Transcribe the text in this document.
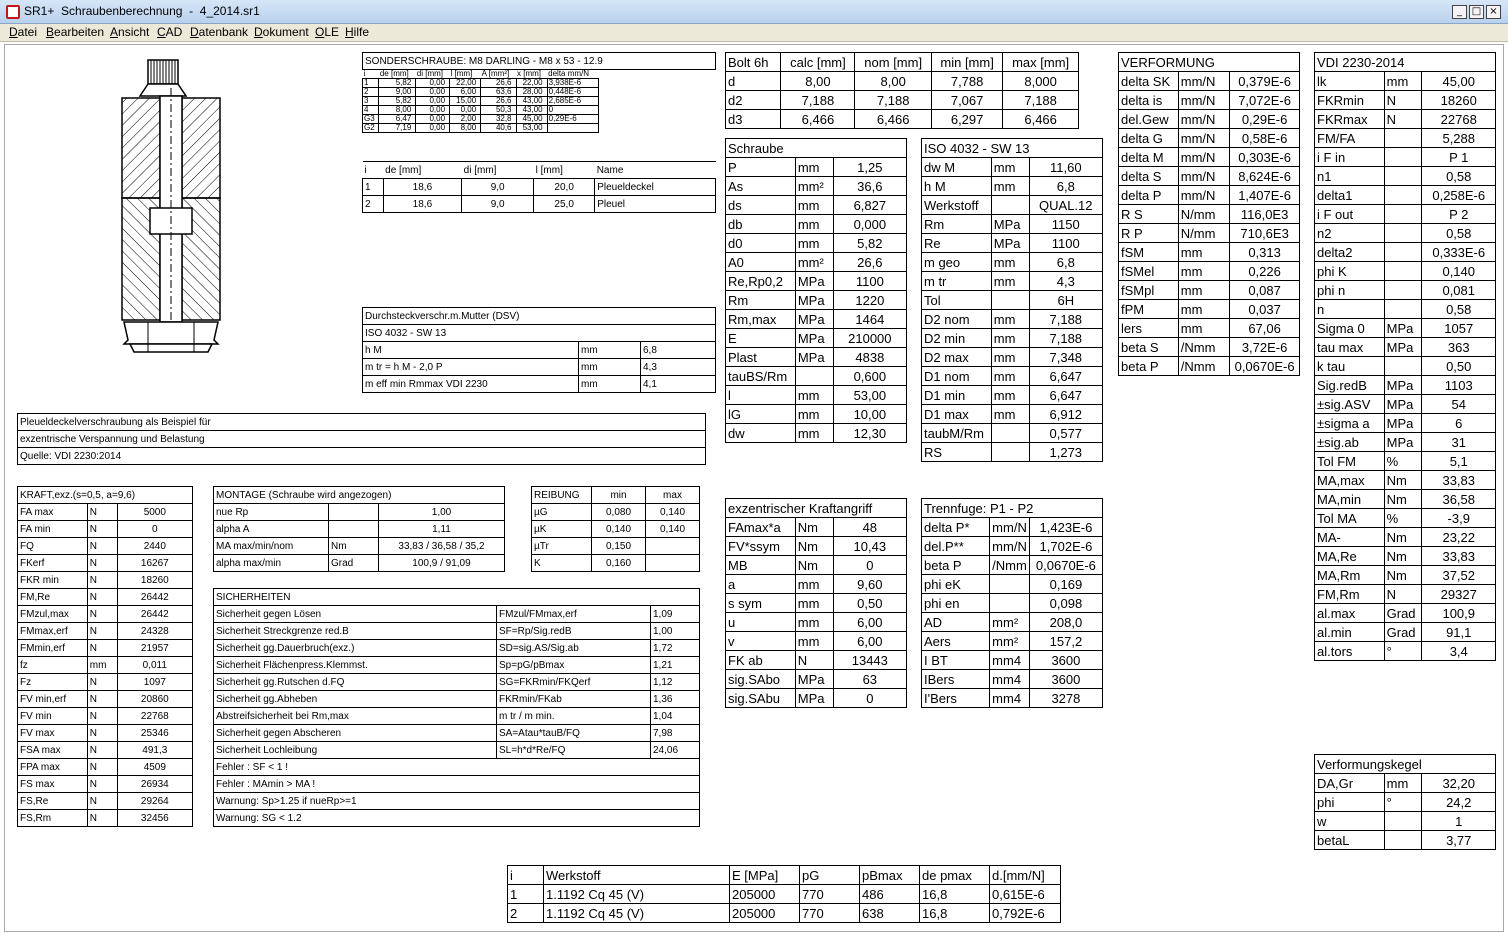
SR1+  Schraubenberechnung  -  4_2014.sr1	_ □ ×
Datei Bearbeiten Ansicht CAD Datenbank Dokument OLE Hilfe
SONDERSCHRAUBE: M8 DARLING - M8 x 53 - 12.9
i	de [mm]	di [mm]	l [mm]	A [mm²]	x [mm]	delta mm/N
1	5,82	0,00	22,00	26,6	22,00	3,938E-6
2	9,00	0,00	6,00	63,6	28,00	0,448E-6
3	5,82	0,00	15,00	26,6	43,00	2,685E-6
4	8,00	0,00	0,00	50,3	43,00	0
G3	6,47	0,00	2,00	32,8	45,00	0,29E-6
G2	7,19	0,00	8,00	40,6	53,00	
i	de [mm]	di [mm]	l [mm]	Name
1	18,6	9,0	20,0	Pleueldeckel
2	18,6	9,0	25,0	Pleuel
Durchsteckverschr.m.Mutter (DSV)		
ISO 4032 - SW 13		
h M	mm	6,8
m tr = h M - 2,0 P	mm	4,3
m eff min Rmmax VDI 2230	mm	4,1
Pleueldeckelverschraubung als Beispiel für
exzentrische Verspannung und Belastung
Quelle: VDI 2230:2014
Bolt 6h	calc [mm]	nom [mm]	min [mm]	max [mm]
d	8,00	8,00	7,788	8,000
d2	7,188	7,188	7,067	7,188
d3	6,466	6,466	6,297	6,466
Schraube		
P	mm	1,25
As	mm²	36,6
ds	mm	6,827
db	mm	0,000
d0	mm	5,82
A0	mm²	26,6
Re,Rp0,2	MPa	1100
Rm	MPa	1220
Rm,max	MPa	1464
E	MPa	210000
Plast	MPa	4838
tauBS/Rm		0,600
l	mm	53,00
lG	mm	10,00
dw	mm	12,30
ISO 4032 - SW 13		
dw M	mm	11,60
h M	mm	6,8
Werkstoff		QUAL.12
Rm	MPa	1150
Re	MPa	1100
m geo	mm	6,8
m tr	mm	4,3
Tol		6H
D2 nom	mm	7,188
D2 min	mm	7,188
D2 max	mm	7,348
D1 nom	mm	6,647
D1 min	mm	6,647
D1 max	mm	6,912
taubM/Rm		0,577
RS		1,273
VERFORMUNG		
delta SK	mm/N	0,379E-6
delta is	mm/N	7,072E-6
del.Gew	mm/N	0,29E-6
delta G	mm/N	0,58E-6
delta M	mm/N	0,303E-6
delta S	mm/N	8,624E-6
delta P	mm/N	1,407E-6
R S	N/mm	116,0E3
R P	N/mm	710,6E3
fSM	mm	0,313
fSMel	mm	0,226
fSMpl	mm	0,087
fPM	mm	0,037
lers	mm	67,06
beta S	/Nmm	3,72E-6
beta P	/Nmm	0,0670E-6
VDI 2230-2014		
lk	mm	45,00
FKRmin	N	18260
FKRmax	N	22768
FM/FA		5,288
i F in		P 1
n1		0,58
delta1		0,258E-6
i F out		P 2
n2		0,58
delta2		0,333E-6
phi K		0,140
phi n		0,081
n		0,58
Sigma 0	MPa	1057
tau max	MPa	363
k tau		0,50
Sig.redB	MPa	1103
±sig.ASV	MPa	54
±sigma a	MPa	6
±sig.ab	MPa	31
Tol FM	%	5,1
MA,max	Nm	33,83
MA,min	Nm	36,58
Tol MA	%	-3,9
MA-	Nm	23,22
MA,Re	Nm	33,83
MA,Rm	Nm	37,52
FM,Rm	N	29327
al.max	Grad	100,9
al.min	Grad	91,1
al.tors	°	3,4
Verformungskegel		
DA,Gr	mm	32,20
phi	°	24,2
w		1
betaL		3,77
exzentrischer Kraftangriff		
FAmax*a	Nm	48
FV*ssym	Nm	10,43
MB	Nm	0
a	mm	9,60
s sym	mm	0,50
u	mm	6,00
v	mm	6,00
FK ab	N	13443
sig.SAbo	MPa	63
sig.SAbu	MPa	0
Trennfuge: P1 - P2		
delta P*	mm/N	1,423E-6
del.P**	mm/N	1,702E-6
beta P	/Nmm	0,0670E-6
phi eK		0,169
phi en		0,098
AD	mm²	208,0
Aers	mm²	157,2
I BT	mm4	3600
IBers	mm4	3600
I'Bers	mm4	3278
KRAFT,exz.(s=0,5, a=9,6)		
FA max	N	5000
FA min	N	0
FQ	N	2440
FKerf	N	16267
FKR min	N	18260
FM,Re	N	26442
FMzul,max	N	26442
FMmax,erf	N	24328
FMmin,erf	N	21957
fz	mm	0,011
Fz	N	1097
FV min,erf	N	20860
FV min	N	22768
FV max	N	25346
FSA max	N	491,3
FPA max	N	4509
FS max	N	26934
FS,Re	N	29264
FS,Rm	N	32456
MONTAGE (Schraube wird angezogen)		
nue Rp		1,00
alpha A		1,11
MA max/min/nom	Nm	33,83 / 36,58 / 35,2
alpha max/min	Grad	100,9 / 91,09
REIBUNG	min	max
µG	0,080	0,140
µK	0,140	0,140
µTr	0,150	
K	0,160	
SICHERHEITEN		
Sicherheit gegen Lösen	FMzul/FMmax,erf	1,09
Sicherheit Streckgrenze red.B	SF=Rp/Sig.redB	1,00
Sicherheit gg.Dauerbruch(exz.)	SD=sig.AS/Sig.ab	1,72
Sicherheit Flächenpress.Klemmst.	Sp=pG/pBmax	1,21
Sicherheit gg.Rutschen d.FQ	SG=FKRmin/FKQerf	1,12
Sicherheit gg.Abheben	FKRmin/FKab	1,36
Abstreifsicherheit bei Rm,max	m tr / m min.	1,04
Sicherheit gegen Abscheren	SA=Atau*tauB/FQ	7,98
Sicherheit Lochleibung	SL=h*d*Re/FQ	24,06
Fehler : SF < 1 !		
Fehler : MAmin > MA !		
Warnung: Sp>1.25 if nueRp>=1		
Warnung: SG < 1.2		
i	Werkstoff	E [MPa]	pG	pBmax	de pmax	d.[mm/N]
1	1.1192 Cq 45 (V)	205000	770	486	16,8	0,615E-6
2	1.1192 Cq 45 (V)	205000	770	638	16,8	0,792E-6
